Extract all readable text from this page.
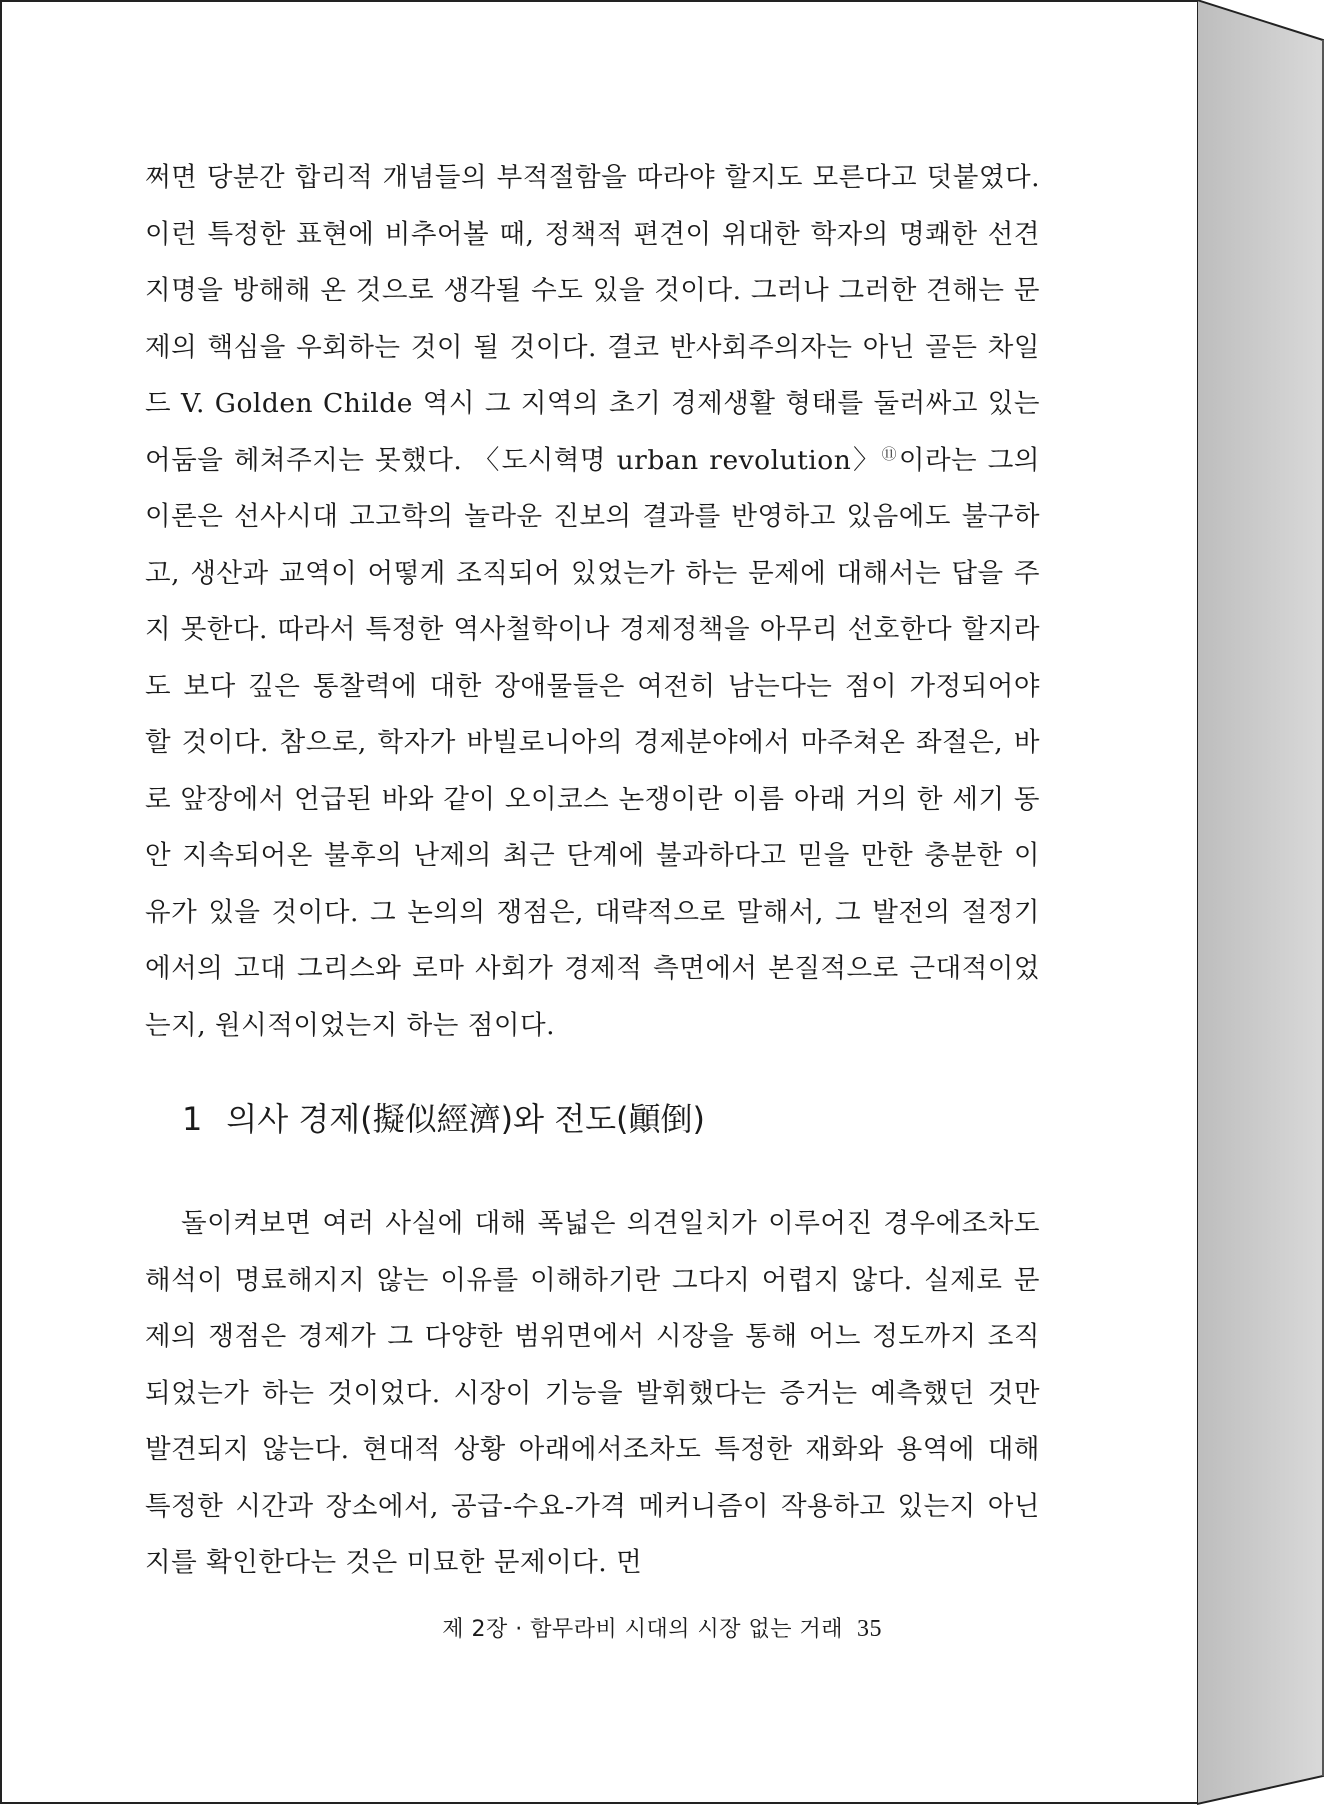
쩌면 당분간 합리적 개념들의 부적절함을 따라야 할지도 모른다고 덧붙였다. 이런 특정한 표현에 비추어볼 때, 정책적 편견이 위대한 학자의 명쾌한 선견지명을 방해해 온 것으로 생각될 수도 있을 것이다. 그러나 그러한 견해는 문제의 핵심을 우회하는 것이 될 것이다. 결코 반사회주의자는 아닌 골든 차일드 V. Golden Childe 역시 그 지역의 초기 경제생활 형태를 둘러싸고 있는 어둠을 헤쳐주지는 못했다. 〈도시혁명 urban revolution〉⑪이라는 그의 이론은 선사시대 고고학의 놀라운 진보의 결과를 반영하고 있음에도 불구하고, 생산과 교역이 어떻게 조직되어 있었는가 하는 문제에 대해서는 답을 주지 못한다. 따라서 특정한 역사철학이나 경제정책을 아무리 선호한다 할지라도 보다 깊은 통찰력에 대한 장애물들은 여전히 남는다는 점이 가정되어야 할 것이다. 참으로, 학자가 바빌로니아의 경제분야에서 마주쳐온 좌절은, 바로 앞장에서 언급된 바와 같이 오이코스 논쟁이란 이름 아래 거의 한 세기 동안 지속되어온 불후의 난제의 최근 단계에 불과하다고 믿을 만한 충분한 이유가 있을 것이다. 그 논의의 쟁점은, 대략적으로 말해서, 그 발전의 절정기에서의 고대 그리스와 로마 사회가 경제적 측면에서 본질적으로 근대적이었는지, 원시적이었는지 하는 점이다.

1 의사 경제(擬似經濟)와 전도(顚倒)

돌이켜보면 여러 사실에 대해 폭넓은 의견일치가 이루어진 경우에조차도 해석이 명료해지지 않는 이유를 이해하기란 그다지 어렵지 않다. 실제로 문제의 쟁점은 경제가 그 다양한 범위면에서 시장을 통해 어느 정도까지 조직되었는가 하는 것이었다. 시장이 기능을 발휘했다는 증거는 예측했던 것만 발견되지 않는다. 현대적 상황 아래에서조차도 특정한 재화와 용역에 대해 특정한 시간과 장소에서, 공급-수요-가격 메커니즘이 작용하고 있는지 아닌지를 확인한다는 것은 미묘한 문제이다. 먼

제 2장 · 함무라비 시대의 시장 없는 거래 35
